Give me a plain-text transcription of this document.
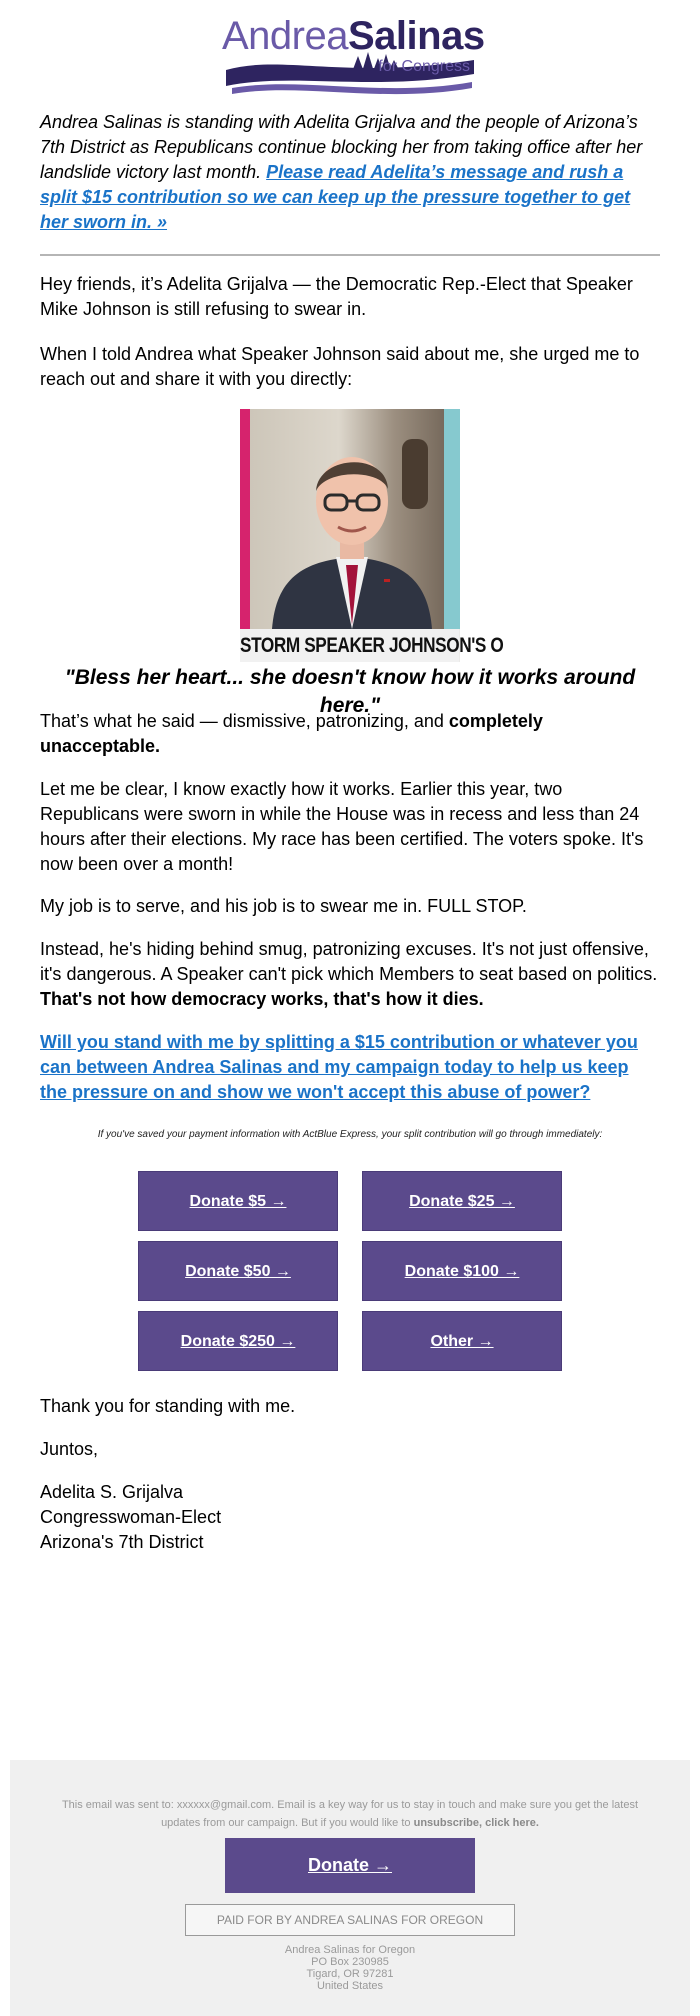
AndreaSalinas
for Congress

Andrea Salinas is standing with Adelita Grijalva and the people of Arizona’s 7th District as Republicans continue blocking her from taking office after her landslide victory last month. Please read Adelita’s message and rush a split $15 contribution so we can keep up the pressure together to get her sworn in. »

Hey friends, it’s Adelita Grijalva — the Democratic Rep.-Elect that Speaker Mike Johnson is still refusing to swear in.

When I told Andrea what Speaker Johnson said about me, she urged me to reach out and share it with you directly:

STORM SPEAKER JOHNSON'S O
"Bless her heart... she doesn't know how it works around here."

That’s what he said — dismissive, patronizing, and completely unacceptable.

Let me be clear, I know exactly how it works. Earlier this year, two Republicans were sworn in while the House was in recess and less than 24 hours after their elections. My race has been certified. The voters spoke. It's now been over a month!

My job is to serve, and his job is to swear me in. FULL STOP.

Instead, he's hiding behind smug, patronizing excuses. It's not just offensive, it's dangerous. A Speaker can't pick which Members to seat based on politics. That's not how democracy works, that's how it dies.

Will you stand with me by splitting a $15 contribution or whatever you can between Andrea Salinas and my campaign today to help us keep the pressure on and show we won't accept this abuse of power?

If you've saved your payment information with ActBlue Express, your split contribution will go through immediately:
Donate $5 →	Donate $25 →
Donate $50 →	Donate $100 →
Donate $250 →	Other →

Thank you for standing with me.

Juntos,

Adelita S. Grijalva

Congresswoman-Elect

Arizona's 7th District

This email was sent to: xxxxxx@gmail.com. Email is a key way for us to stay in touch and make sure you get the latest updates from our campaign. But if you would like to unsubscribe, click here.
Donate →
PAID FOR BY ANDREA SALINAS FOR OREGON
Andrea Salinas for Oregon
PO Box 230985
Tigard, OR 97281
United States
